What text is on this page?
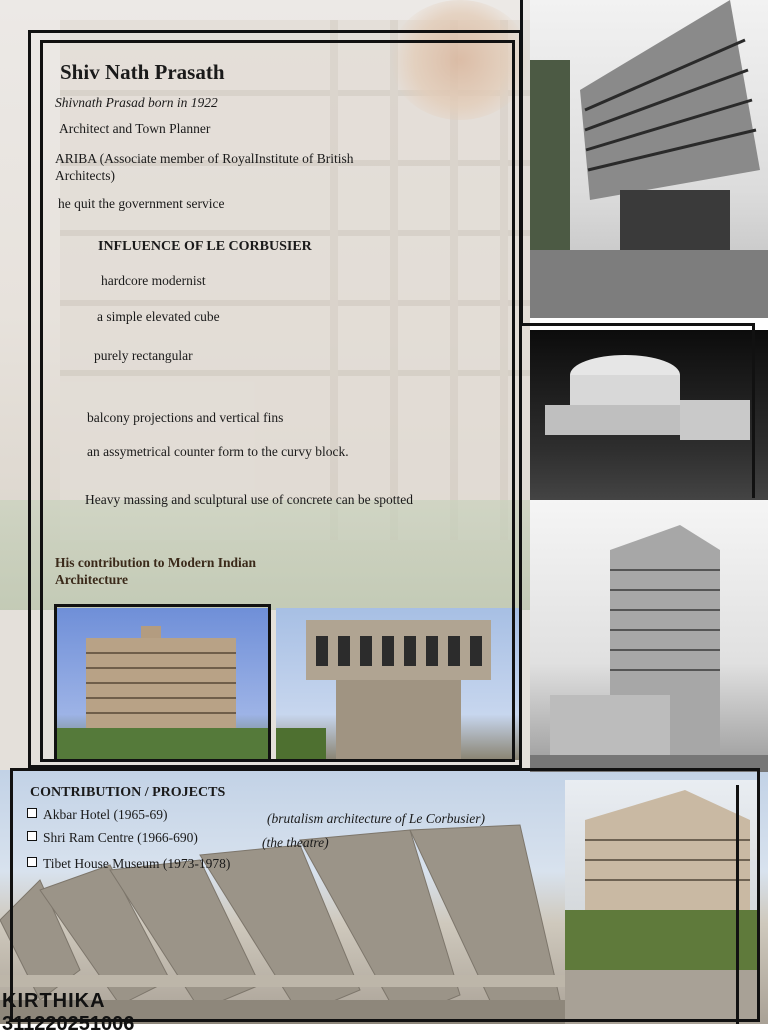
Shiv Nath Prasath
Shivnath Prasad born in 1922
Architect and Town Planner
ARIBA (Associate member of RoyalInstitute of British Architects)
he quit the government service
INFLUENCE OF LE CORBUSIER
hardcore modernist
a simple elevated cube
purely rectangular
balcony projections and vertical fins
an assymetrical counter form to the curvy block.
Heavy massing and sculptural use of concrete can be spotted
His contribution to Modern Indian Architecture
CONTRIBUTION / PROJECTS
Akbar Hotel (1965-69)	(brutalism architecture of Le Corbusier)
Shri Ram Centre (1966-690)	(the theatre)
Tibet House Museum (1973-1978)
KIRTHIKA
311220251006
